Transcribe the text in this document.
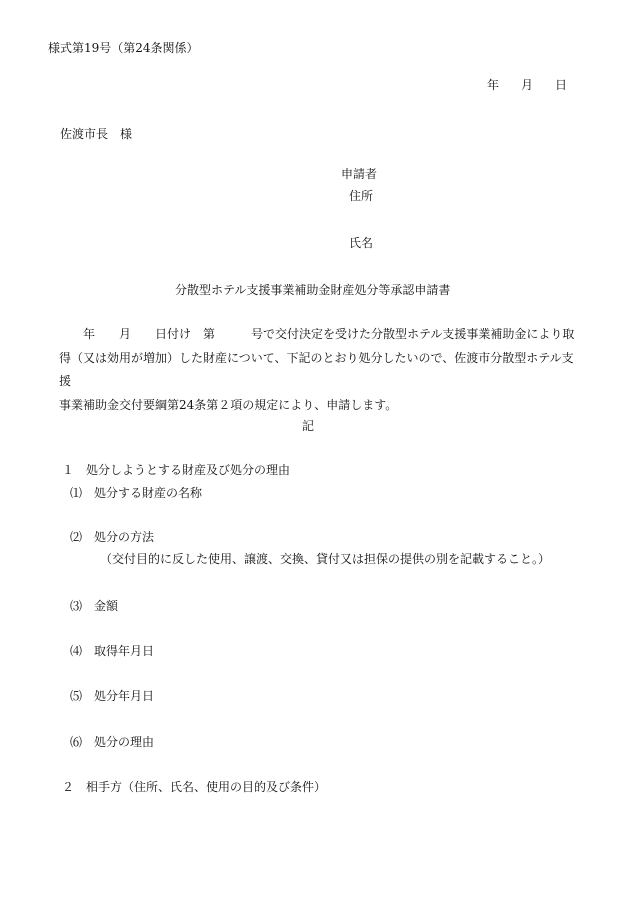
様式第19号（第24条関係）
年 月 日
佐渡市長　様
申請者
住所
氏名
分散型ホテル支援事業補助金財産処分等承認申請書

　　年　　月　　日付け　第　　　号で交付決定を受けた分散型ホテル支援事業補助金により取

得（又は効用が増加）した財産について、下記のとおり処分したいので、佐渡市分散型ホテル支援

事業補助金交付要綱第24条第２項の規定により、申請します。

記
１ 処分しようとする財産及び処分の理由
⑴ 処分する財産の名称
⑵ 処分の方法
（交付目的に反した使用、譲渡、交換、貸付又は担保の提供の別を記載すること。）
⑶ 金額
⑷ 取得年月日
⑸ 処分年月日
⑹ 処分の理由
２ 相手方（住所、氏名、使用の目的及び条件）
